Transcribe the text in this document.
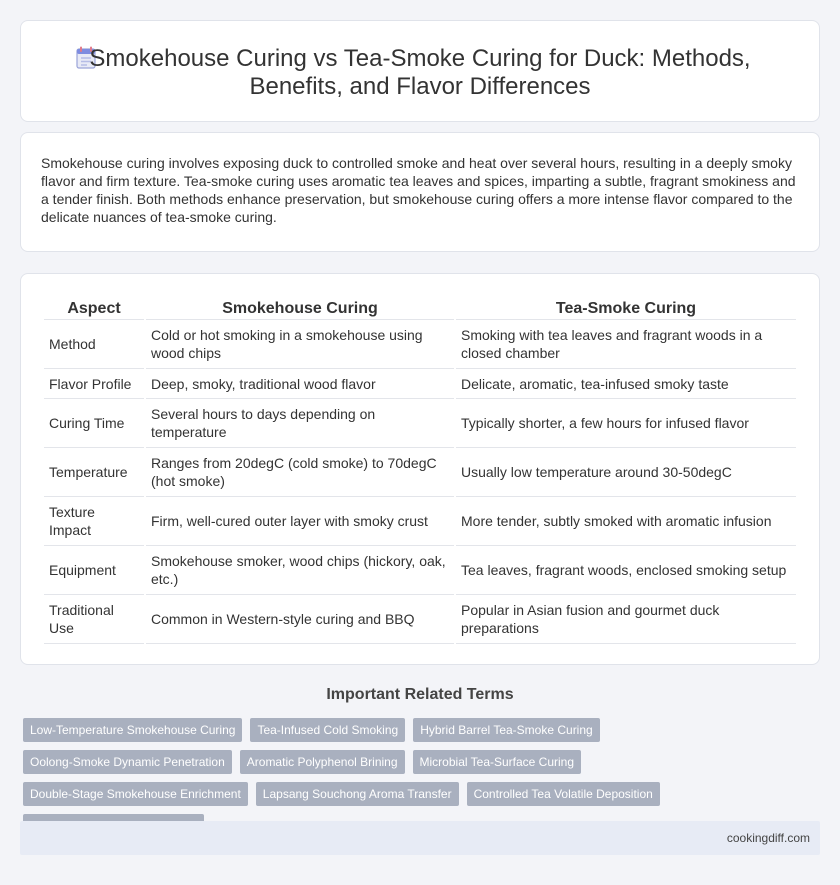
Smokehouse Curing vs Tea-Smoke Curing for Duck: Methods, Benefits, and Flavor Differences

Smokehouse curing involves exposing duck to controlled smoke and heat over several hours, resulting in a deeply smoky flavor and firm texture. Tea-smoke curing uses aromatic tea leaves and spices, imparting a subtle, fragrant smokiness and a tender finish. Both methods enhance preservation, but smokehouse curing offers a more intense flavor compared to the delicate nuances of tea-smoke curing.

Aspect	Smokehouse Curing	Tea-Smoke Curing
Method	Cold or hot smoking in a smokehouse using wood chips	Smoking with tea leaves and fragrant woods in a closed chamber
Flavor Profile	Deep, smoky, traditional wood flavor	Delicate, aromatic, tea-infused smoky taste
Curing Time	Several hours to days depending on temperature	Typically shorter, a few hours for infused flavor
Temperature	Ranges from 20degC (cold smoke) to 70degC (hot smoke)	Usually low temperature around 30-50degC
Texture Impact	Firm, well-cured outer layer with smoky crust	More tender, subtly smoked with aromatic infusion
Equipment	Smokehouse smoker, wood chips (hickory, oak, etc.)	Tea leaves, fragrant woods, enclosed smoking setup
Traditional Use	Common in Western-style curing and BBQ	Popular in Asian fusion and gourmet duck preparations
Important Related Terms
Low-Temperature Smokehouse Curing	Tea-Infused Cold Smoking	Hybrid Barrel Tea-Smoke Curing
Oolong-Smoke Dynamic Penetration	Aromatic Polyphenol Brining	Microbial Tea-Surface Curing
Double-Stage Smokehouse Enrichment	Lapsang Souchong Aroma Transfer	Controlled Tea Volatile Deposition
cookingdiff.com
